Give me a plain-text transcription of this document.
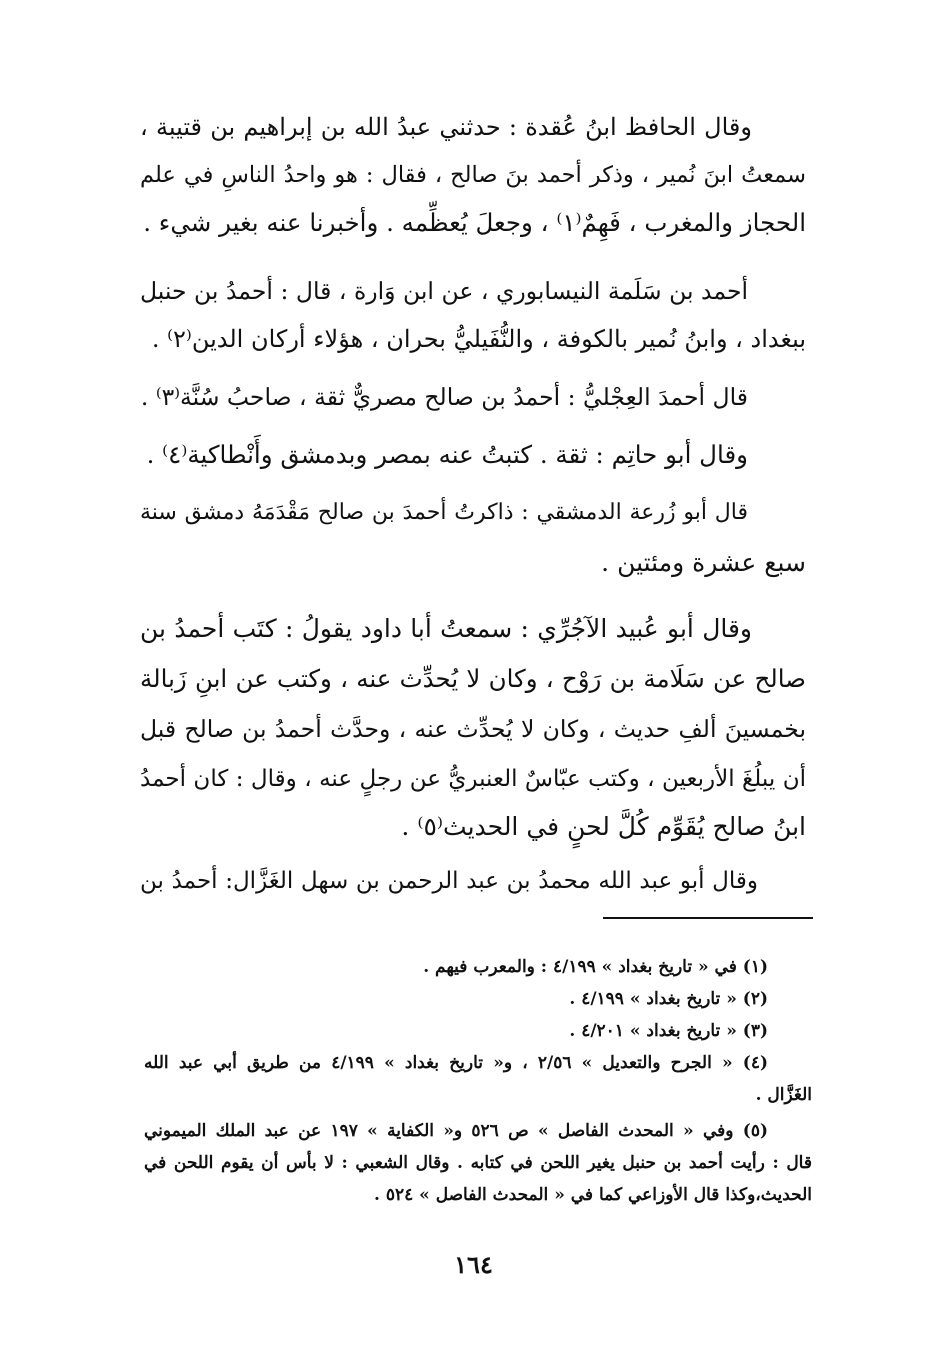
وقال الحافظ ابنُ عُقدة : حدثني عبدُ الله بن إبراهيم بن قتيبة ،
سمعتُ ابنَ نُمير ، وذكر أحمد بنَ صالح ، فقال : هو واحدُ الناسِ في علم
الحجاز والمغرب ، فَهِمٌ⁽١⁾ ، وجعلَ يُعظِّمه . وأخبرنا عنه بغير شيء .
أحمد بن سَلَمة النيسابوري ، عن ابن وَارة ، قال : أحمدُ بن حنبل
ببغداد ، وابنُ نُمير بالكوفة ، والنُّفَيليُّ بحران ، هؤلاء أركان الدين⁽٢⁾ .
قال أحمدَ العِجْليُّ : أحمدُ بن صالح مصريٌّ ثقة ، صاحبُ سُنَّة⁽٣⁾ .
وقال أبو حاتِم : ثقة . كتبتُ عنه بمصر وبدمشق وأَنْطاكية⁽٤⁾ .
قال أبو زُرعة الدمشقي : ذاكرتُ أحمدَ بن صالح مَقْدَمَهُ دمشق سنة
سبع عشرة ومئتين .
وقال أبو عُبيد الآجُرِّي : سمعتُ أبا داود يقولُ : كتَب أحمدُ بن
صالح عن سَلَامة بن رَوْح ، وكان لا يُحدِّث عنه ، وكتب عن ابنِ زَبالة
بخمسينَ ألفِ حديث ، وكان لا يُحدِّث عنه ، وحدَّث أحمدُ بن صالح قبل
أن يبلُغَ الأربعين ، وكتب عبّاسٌ العنبريُّ عن رجلٍ عنه ، وقال : كان أحمدُ
ابنُ صالح يُقَوِّم كُلَّ لحنٍ في الحديث⁽٥⁾ .
وقال أبو عبد الله محمدُ بن عبد الرحمن بن سهل الغَزَّال: أحمدُ بن
(١) في « تاريخ بغداد » ٤/١٩٩ : والمعرب فيهم .
(٢) « تاريخ بغداد » ٤/١٩٩ .
(٣) « تاريخ بغداد » ٤/٢٠١ .
(٤) « الجرح والتعديل » ٢/٥٦ ، و« تاريخ بغداد » ٤/١٩٩ من طريق أبي عبد الله
الغَزَّال .
(٥) وفي « المحدث الفاصل » ص ٥٢٦ و« الكفاية » ١٩٧ عن عبد الملك الميموني
قال : رأيت أحمد بن حنبل يغير اللحن في كتابه . وقال الشعبي : لا بأس أن يقوم اللحن في
الحديث،وكذا قال الأوزاعي كما في « المحدث الفاصل » ٥٢٤ .
١٦٤
